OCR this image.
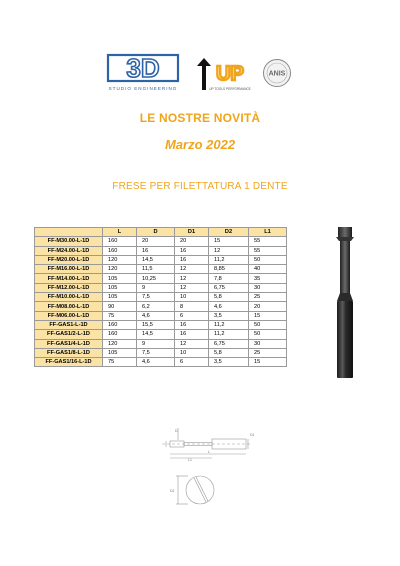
3D
STUDIO ENGINEERING
UP
UP TOOLS PERFORMANCE
ANIS
LE NOSTRE NOVITÀ
Marzo 2022
FRESE PER FILETTATURA 1 DENTE
	L	D	D1	D2	L1
FF-M30.00-L-1D	160	20	20	15	55
FF-M24.00-L-1D	160	16	16	12	55
FF-M20.00-L-1D	120	14,5	16	11,2	50
FF-M16.00-L-1D	120	11,5	12	8,85	40
FF-M14.00-L-1D	105	10,25	12	7,8	35
FF-M12.00-L-1D	105	9	12	6,75	30
FF-M10.00-L-1D	105	7,5	10	5,8	25
FF-M08.00-L-1D	90	6,2	8	4,6	20
FF-M06.00-L-1D	75	4,6	6	3,5	15
FF-GAS1-L-1D	160	15,5	16	11,2	50
FF-GAS1/2-L-1D	160	14,5	16	11,2	50
FF-GAS1/4-L-1D	120	9	12	6,75	30
FF-GAS1/8-L-1D	105	7,5	10	5,8	25
FF-GAS1/16-L-1D	75	4,6	6	3,5	15
D1
L
L1
D
D2
